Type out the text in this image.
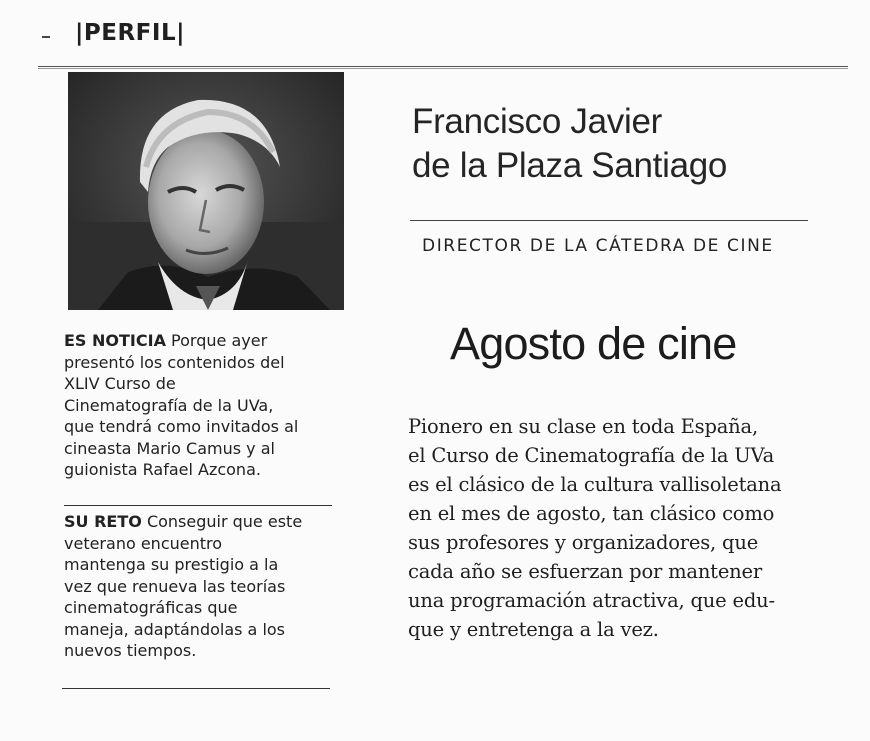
|PERFIL|
Francisco Javier
de la Plaza Santiago
DIRECTOR DE LA CÁTEDRA DE CINE
Agosto de cine
Pionero en su clase en toda España,
el Curso de Cinematografía de la UVa
es el clásico de la cultura vallisoletana
en el mes de agosto, tan clásico como
sus profesores y organizadores, que
cada año se esfuerzan por mantener
una programación atractiva, que edu-
que y entretenga a la vez.
ES NOTICIA Porque ayer
presentó los contenidos del
XLIV Curso de
Cinematografía de la UVa,
que tendrá como invitados al
cineasta Mario Camus y al
guionista Rafael Azcona.
SU RETO Conseguir que este
veterano encuentro
mantenga su prestigio a la
vez que renueva las teorías
cinematográficas que
maneja, adaptándolas a los
nuevos tiempos.
